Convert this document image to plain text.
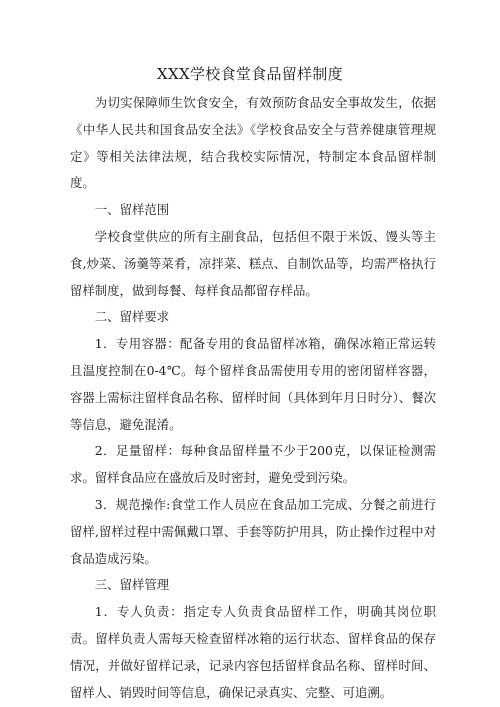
XXX学校食堂食品留样制度

为切实保障师生饮食安全，有效预防食品安全事故发生，依据《中华人民共和国食品安全法》《学校食品安全与营养健康管理规定》等相关法律法规，结合我校实际情况，特制定本食品留样制度。

一、留样范围

学校食堂供应的所有主副食品，包括但不限于米饭、馒头等主食,炒菜、汤羹等菜肴，凉拌菜、糕点、自制饮品等，均需严格执行留样制度，做到每餐、每样食品都留存样品。

二、留样要求

1．专用容器：配备专用的食品留样冰箱，确保冰箱正常运转且温度控制在0-4℃。每个留样食品需使用专用的密闭留样容器，容器上需标注留样食品名称、留样时间（具体到年月日时分）、餐次等信息，避免混淆。

2．足量留样：每种食品留样量不少于200克，以保证检测需求。留样食品应在盛放后及时密封，避免受到污染。

3．规范操作:食堂工作人员应在食品加工完成、分餐之前进行留样,留样过程中需佩戴口罩、手套等防护用具，防止操作过程中对食品造成污染。

三、留样管理

1．专人负责：指定专人负责食品留样工作，明确其岗位职责。留样负责人需每天检查留样冰箱的运行状态、留样食品的保存情况，并做好留样记录，记录内容包括留样食品名称、留样时间、留样人、销毁时间等信息，确保记录真实、完整、可追溯。
